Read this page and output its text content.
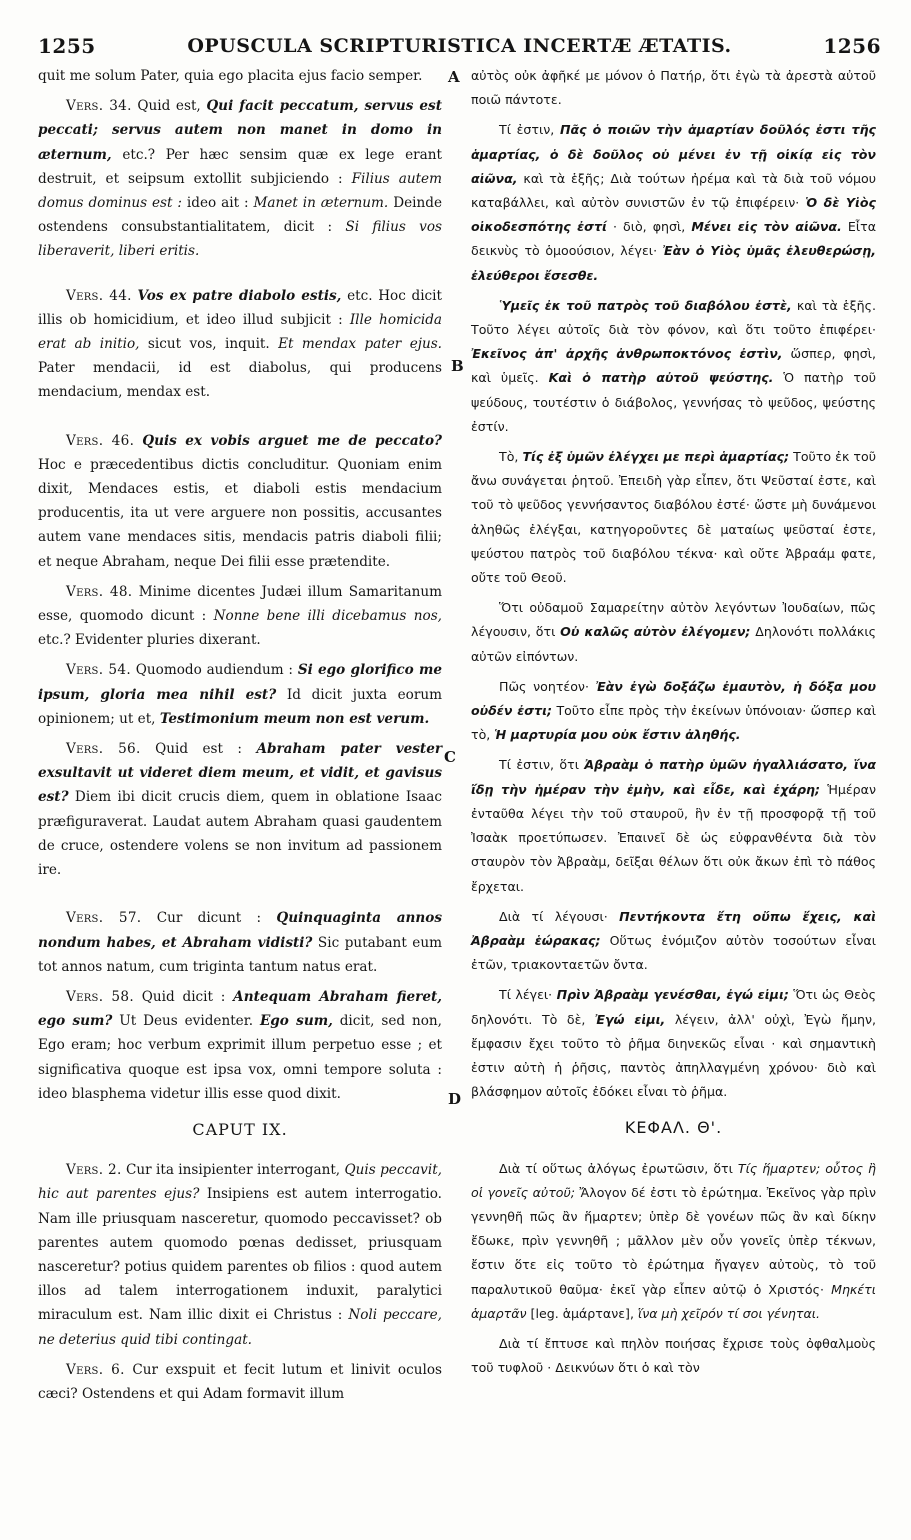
1255	OPUSCULA SCRIPTURISTICA INCERTÆ ÆTATIS.	1256
A
B
C
D

quit me solum Pater, quia ego placita ejus facio semper.

Vers. 34. Quid est, Qui facit peccatum, servus est peccati; servus autem non manet in domo in æternum, etc.? Per hæc sensim quæ ex lege erant destruit, et seipsum extollit subjiciendo : Filius autem domus dominus est : ideo ait : Manet in æternum. Deinde ostendens consubstantialitatem, dicit : Si filius vos liberaverit, liberi eritis.

Vers. 44. Vos ex patre diabolo estis, etc. Hoc dicit illis ob homicidium, et ideo illud subjicit : Ille homicida erat ab initio, sicut vos, inquit. Et mendax pater ejus. Pater mendacii, id est diabolus, qui producens mendacium, mendax est.

Vers. 46. Quis ex vobis arguet me de peccato? Hoc e præcedentibus dictis concluditur. Quoniam enim dixit, Mendaces estis, et diaboli estis mendacium producentis, ita ut vere arguere non possitis, accusantes autem vane mendaces sitis, mendacis patris diaboli filii; et neque Abraham, neque Dei filii esse prætendite.

Vers. 48. Minime dicentes Judæi illum Samaritanum esse, quomodo dicunt : Nonne bene illi dicebamus nos, etc.? Evidenter pluries dixerant.

Vers. 54. Quomodo audiendum : Si ego glorifico me ipsum, gloria mea nihil est? Id dicit juxta eorum opinionem; ut et, Testimonium meum non est verum.

Vers. 56. Quid est : Abraham pater vester exsultavit ut videret diem meum, et vidit, et gavisus est? Diem ibi dicit crucis diem, quem in oblatione Isaac præfiguraverat. Laudat autem Abraham quasi gaudentem de cruce, ostendere volens se non invitum ad passionem ire.

Vers. 57. Cur dicunt : Quinquaginta annos nondum habes, et Abraham vidisti? Sic putabant eum tot annos natum, cum triginta tantum natus erat.

Vers. 58. Quid dicit : Antequam Abraham fieret, ego sum? Ut Deus evidenter. Ego sum, dicit, sed non, Ego eram; hoc verbum exprimit illum perpetuo esse ; et significativa quoque est ipsa vox, omni tempore soluta : ideo blasphema videtur illis esse quod dixit.

CAPUT IX.

Vers. 2. Cur ita insipienter interrogant, Quis peccavit, hic aut parentes ejus? Insipiens est autem interrogatio. Nam ille priusquam nasceretur, quomodo peccavisset? ob parentes autem quomodo pœnas dedisset, priusquam nasceretur? potius quidem parentes ob filios : quod autem illos ad talem interrogationem induxit, paralytici miraculum est. Nam illic dixit ei Christus : Noli peccare, ne deterius quid tibi contingat.

Vers. 6. Cur exspuit et fecit lutum et linivit oculos cæci? Ostendens et qui Adam formavit illum

αὐτὸς οὐκ ἀφῆκέ με μόνον ὁ Πατήρ, ὅτι ἐγὼ τὰ ἀρεστὰ αὐτοῦ ποιῶ πάντοτε.

Τί ἐστιν, Πᾶς ὁ ποιῶν τὴν ἁμαρτίαν δοῦλός ἐστι τῆς ἁμαρτίας, ὁ δὲ δοῦλος οὐ μένει ἐν τῇ οἰκίᾳ εἰς τὸν αἰῶνα, καὶ τὰ ἑξῆς; Διὰ τούτων ἠρέμα καὶ τὰ διὰ τοῦ νόμου καταβάλλει, καὶ αὐτὸν συνιστῶν ἐν τῷ ἐπιφέρειν· Ὁ δὲ Υἱὸς οἰκοδεσπότης ἐστί · διὸ, φησὶ, Μένει εἰς τὸν αἰῶνα. Εἶτα δεικνὺς τὸ ὁμοούσιον, λέγει· Ἐὰν ὁ Υἱὸς ὑμᾶς ἐλευθερώσῃ, ἐλεύθεροι ἔσεσθε.

Ὑμεῖς ἐκ τοῦ πατρὸς τοῦ διαβόλου ἐστὲ, καὶ τὰ ἑξῆς. Τοῦτο λέγει αὐτοῖς διὰ τὸν φόνον, καὶ ὅτι τοῦτο ἐπιφέρει· Ἐκεῖνος ἀπ' ἀρχῆς ἀνθρωποκτόνος ἐστὶν, ὥσπερ, φησὶ, καὶ ὑμεῖς. Καὶ ὁ πατὴρ αὐτοῦ ψεύστης. Ὁ πατὴρ τοῦ ψεύδους, τουτέστιν ὁ διάβολος, γεννήσας τὸ ψεῦδος, ψεύστης ἐστίν.

Τὸ, Τίς ἐξ ὑμῶν ἐλέγχει με περὶ ἁμαρτίας; Τοῦτο ἐκ τοῦ ἄνω συνάγεται ῥητοῦ. Ἐπειδὴ γὰρ εἶπεν, ὅτι Ψεῦσταί ἐστε, καὶ τοῦ τὸ ψεῦδος γεννήσαντος διαβόλου ἐστέ· ὥστε μὴ δυνάμενοι ἀληθῶς ἐλέγξαι, κατηγοροῦντες δὲ ματαίως ψεῦσταί ἐστε, ψεύστου πατρὸς τοῦ διαβόλου τέκνα· καὶ οὔτε Ἀβραάμ φατε, οὔτε τοῦ Θεοῦ.

Ὅτι οὐδαμοῦ Σαμαρείτην αὐτὸν λεγόντων Ἰουδαίων, πῶς λέγουσιν, ὅτι Οὐ καλῶς αὐτὸν ἐλέγομεν; Δηλονότι πολλάκις αὐτῶν εἰπόντων.

Πῶς νοητέον· Ἐὰν ἐγὼ δοξάζω ἐμαυτὸν, ἡ δόξα μου οὐδέν ἐστι; Τοῦτο εἶπε πρὸς τὴν ἐκείνων ὑπόνοιαν· ὥσπερ καὶ τὸ, Ἡ μαρτυρία μου οὐκ ἔστιν ἀληθής.

Τί ἐστιν, ὅτι Ἀβραὰμ ὁ πατὴρ ὑμῶν ἠγαλλιάσατο, ἵνα ἴδῃ τὴν ἡμέραν τὴν ἐμὴν, καὶ εἶδε, καὶ ἐχάρη; Ἡμέραν ἐνταῦθα λέγει τὴν τοῦ σταυροῦ, ἣν ἐν τῇ προσφορᾷ τῇ τοῦ Ἰσαὰκ προετύπωσεν. Ἐπαινεῖ δὲ ὡς εὐφρανθέντα διὰ τὸν σταυρὸν τὸν Ἀβραὰμ, δεῖξαι θέλων ὅτι οὐκ ἄκων ἐπὶ τὸ πάθος ἔρχεται.

Διὰ τί λέγουσι· Πεντήκοντα ἔτη οὔπω ἔχεις, καὶ Ἀβραὰμ ἑώρακας; Οὕτως ἐνόμιζον αὐτὸν τοσούτων εἶναι ἐτῶν, τριακονταετῶν ὄντα.

Τί λέγει· Πρὶν Ἀβραὰμ γενέσθαι, ἐγώ εἰμι; Ὅτι ὡς Θεὸς δηλονότι. Τὸ δὲ, Ἐγώ εἰμι, λέγειν, ἀλλ' οὐχὶ, Ἐγὼ ἤμην, ἔμφασιν ἔχει τοῦτο τὸ ῥῆμα διηνεκῶς εἶναι · καὶ σημαντικὴ ἐστιν αὐτὴ ἡ ῥῆσις, παντὸς ἀπηλλαγμένη χρόνου· διὸ καὶ βλάσφημον αὐτοῖς ἐδόκει εἶναι τὸ ῥῆμα.

ΚΕΦΑΛ. Θ'.

Διὰ τί οὕτως ἀλόγως ἐρωτῶσιν, ὅτι Τίς ἥμαρτεν; οὗτος ἢ οἱ γονεῖς αὐτοῦ; Ἄλογον δέ ἐστι τὸ ἐρώτημα. Ἐκεῖνος γὰρ πρὶν γεννηθῆ πῶς ἂν ἥμαρτεν; ὑπὲρ δὲ γονέων πῶς ἂν καὶ δίκην ἔδωκε, πρὶν γεννηθῆ ; μᾶλλον μὲν οὖν γονεῖς ὑπὲρ τέκνων, ἔστιν ὅτε εἰς τοῦτο τὸ ἐρώτημα ἤγαγεν αὐτοὺς, τὸ τοῦ παραλυτικοῦ θαῦμα· ἐκεῖ γὰρ εἶπεν αὐτῷ ὁ Χριστός· Μηκέτι ἁμαρτᾶν [leg. ἁμάρτανε], ἵνα μὴ χεῖρόν τί σοι γένηται.

Διὰ τί ἔπτυσε καὶ πηλὸν ποιήσας ἔχρισε τοὺς ὀφθαλμοὺς τοῦ τυφλοῦ · Δεικνύων ὅτι ὁ καὶ τὸν
